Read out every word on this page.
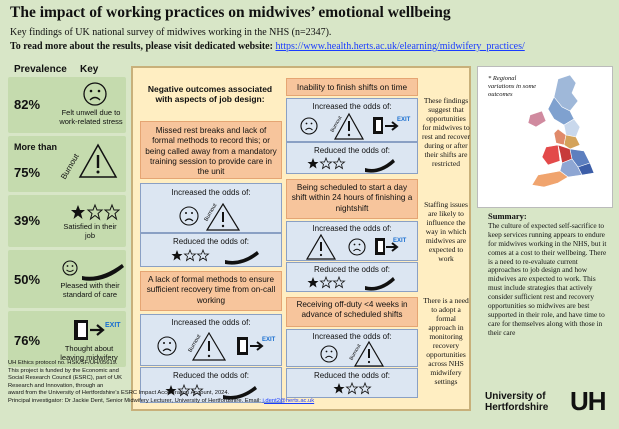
The impact of working practices on midwives’ emotional wellbeing
Key findings of UK national survey of midwives working in the NHS (n=2347).
To read more about the results, please visit dedicated website: https://www.health.herts.ac.uk/elearning/midwifery_practices/
Prevalence Key
82%
Felt unwell due to work-related stress
More than
75% Burnout
39%	Satisfied in their job
50%	Pleased with their standard of care
76%
EXIT
Thought about leaving midwifery
Negative outcomes associated with aspects of job design:
Missed rest breaks and lack of formal methods to record this; or being called away from a mandatory training session to provide care in the unit
Increased the odds of:
Burnout
Reduced the odds of:
A lack of formal methods to ensure sufficient recovery time from on-call working
Increased the odds of:
Burnout	EXIT
Reduced the odds of:
Inability to finish shifts on time
Increased the odds of:
Burnout	EXIT
Reduced the odds of:
Being scheduled to start a day shift within 24 hours of finishing a nightshift
Increased the odds of:
EXIT
Reduced the odds of:
Receiving off-duty <4 weeks in advance of scheduled shifts
Increased the odds of:
Burnout
Reduced the odds of:
These findings suggest that opportunities for midwives to rest and recover during or after their shifts are restricted
Staffing issues are likely to influence the way in which midwives are expected to work
There is a need to adopt a formal approach in monitoring recovery opportunities across NHS midwifery settings
* Regional variations in some outcomes
Summary:
The culture of expected self-sacrifice to keep services running appears to endure for midwives working in the NHS, but it comes at a cost to their wellbeing. There is a need to re-evaluate current approaches to job design and how midwives are expected to work. This must include strategies that actively consider sufficient rest and recovery opportunities so midwives are best supported in their role, and have time to care for themselves along with those in their care
University of
Hertfordshire UH
UH Ethics protocol no. HSK/SF/UH/05619.
This project is funded by the Economic and Social Research Council (ESRC), part of UK Research and Innovation, through an
award from the University of Hertfordshire’s ESRC Impact Acceleration Account, 2024.
Principal investigator: Dr Jackie Dent, Senior Midwifery Lecturer, University of Hertfordshire. Email: j.dent2@herts.ac.uk
